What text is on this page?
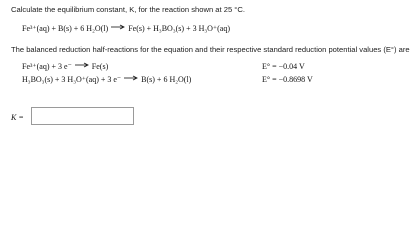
Calculate the equilibrium constant, K, for the reaction shown at 25 °C.
Fe³⁺(aq) + B(s) + 6 H₂O(l)	Fe(s) + H₃BO₃(s) + 3 H₃O⁺(aq)
The balanced reduction half-reactions for the equation and their respective standard reduction potential values (E°) are
Fe³⁺(aq) + 3 e⁻	Fe(s)	E° = −0.04 V
H₃BO₃(s) + 3 H₃O⁺(aq) + 3 e⁻	B(s) + 6 H₂O(l)	E° = −0.8698 V
K =
